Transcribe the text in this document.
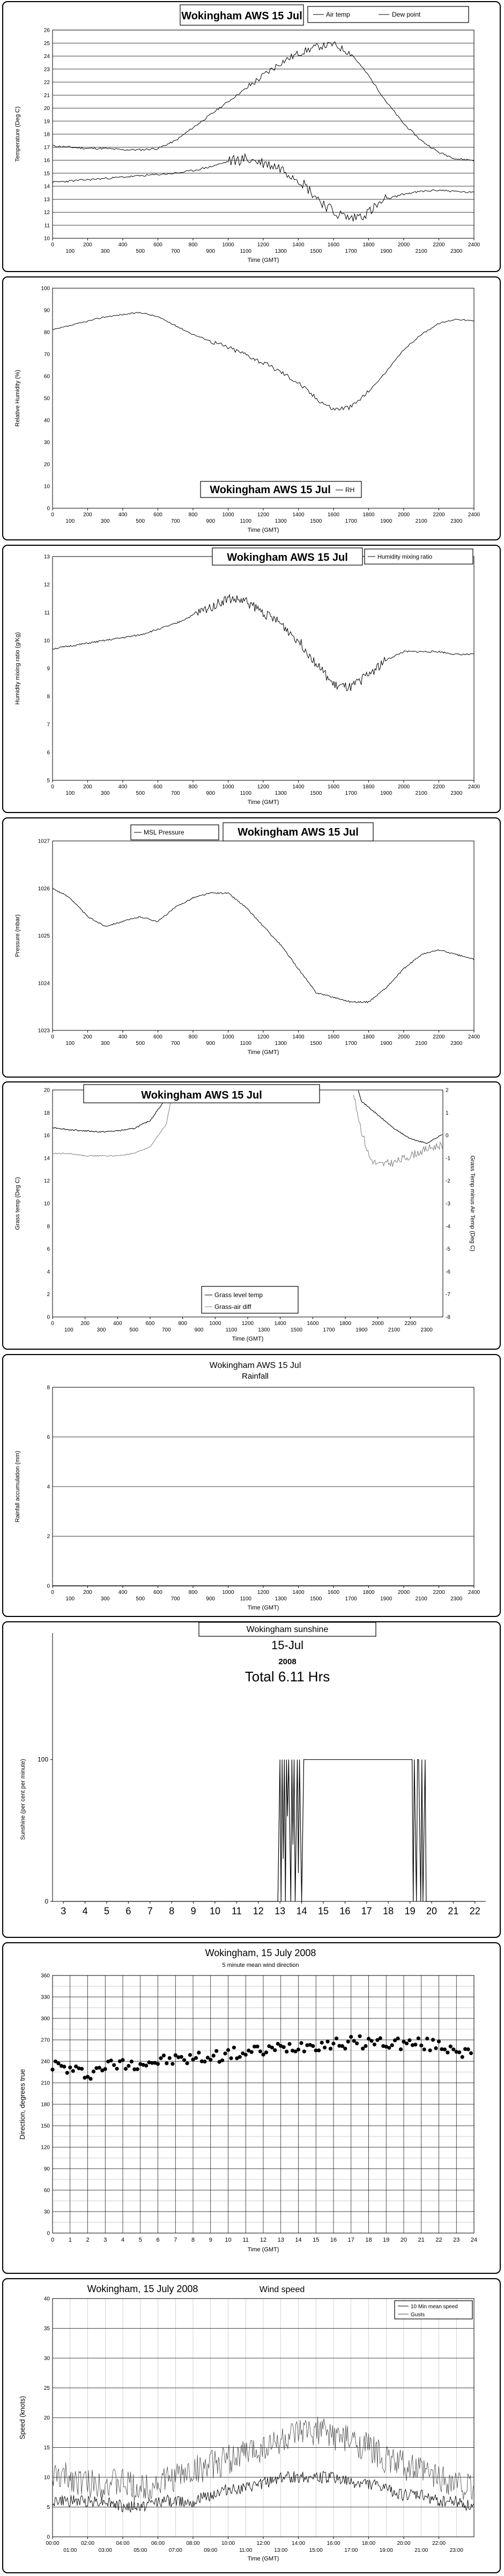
10
11
12
13
14
15
16
17
18
19
20
21
22
23
24
25
26
0	200	400	600	800	1000	1200	1400	1600	1800	2000	2200	2400
100	300	500	700	900	1100	1300	1500	1700	1900	2100	2300
Time (GMT)
Temperature (Deg C)
Wokingham AWS 15 Jul	Air temp	Dew point
0
10
20
30
40
50
60
70
80
90
100
0	200	400	600	800	1000	1200	1400	1600	1800	2000	2200	2400
100	300	500	700	900	1100	1300	1500	1700	1900	2100	2300
Time (GMT)
Relative Humidity (%)
Wokingham AWS 15 Jul RH
5
6
7
8
9
10
11
12
13
0	200	400	600	800	1000	1200	1400	1600	1800	2000	2200	2400
100	300	500	700	900	1100	1300	1500	1700	1900	2100	2300
Time (GMT)
Humidity mixing ratio (g/Kg)
Wokingham AWS 15 Jul	Humidity mixing ratio
1023
1024
1025
1026
1027
0	200	400	600	800	1000	1200	1400	1600	1800	2000	2200	2400
100	300	500	700	900	1100	1300	1500	1700	1900	2100	2300
Time (GMT)
Pressure (mbar)
MSL Pressure	Wokingham AWS 15 Jul
0
2
4
6
8
10
12
14
16
18
20
-8
-7
-6
-5
-4
-3
-2
-1
0
1
2
0	200	400	600	800	1000	1200	1400	1600	1800	2000	2200
100	300	500	700	900	1100	1300	1500	1700	1900	2100	2300
Time (GMT)
Grass temp (Deg C)	Grass Temp minus Air Temp (Deg C)
Wokingham AWS 15 Jul
Grass level temp
Grass-air diff
0
2
4
6
8
0	200	400	600	800	1000	1200	1400	1600	1800	2000	2200	2400
100	300	500	700	900	1100	1300	1500	1700	1900	2100	2300
Time (GMT)
Rainfall accumulation (mm)
Wokingham AWS 15 Jul
Rainfall
0
100
3 4 5 6 7 8 9 10 11 12 13 14 15 16 17 18 19 20 21 22
Sunshine (per cent per minute)
Wokingham sunshine
15-Jul
2008
Total 6.11 Hrs
0 1 2 3 4 5 6 7 8 9 10 11 12 13 14 15 16 17 18 19 20 21 22 23 24
0
30
60
90
120
150
180
210
240
270
300
330
360
Time (GMT)
Direction, degrees true
Wokingham, 15 July 2008
5 minute mean wind direction
0
5
10
15
20
25
30
35
40
00:00	02:00	04:00	06:00	08:00	10:00	12:00	14:00	16:00	18:00	20:00	22:00
01:00	03:00	05:00	07:00	09:00	11:00	13:00	15:00	17:00	19:00	21:00	23:00
Time (GMT)
Speed (knots)
Wokingham, 15 July 2008	Wind speed
10 Min mean speed
Gusts
